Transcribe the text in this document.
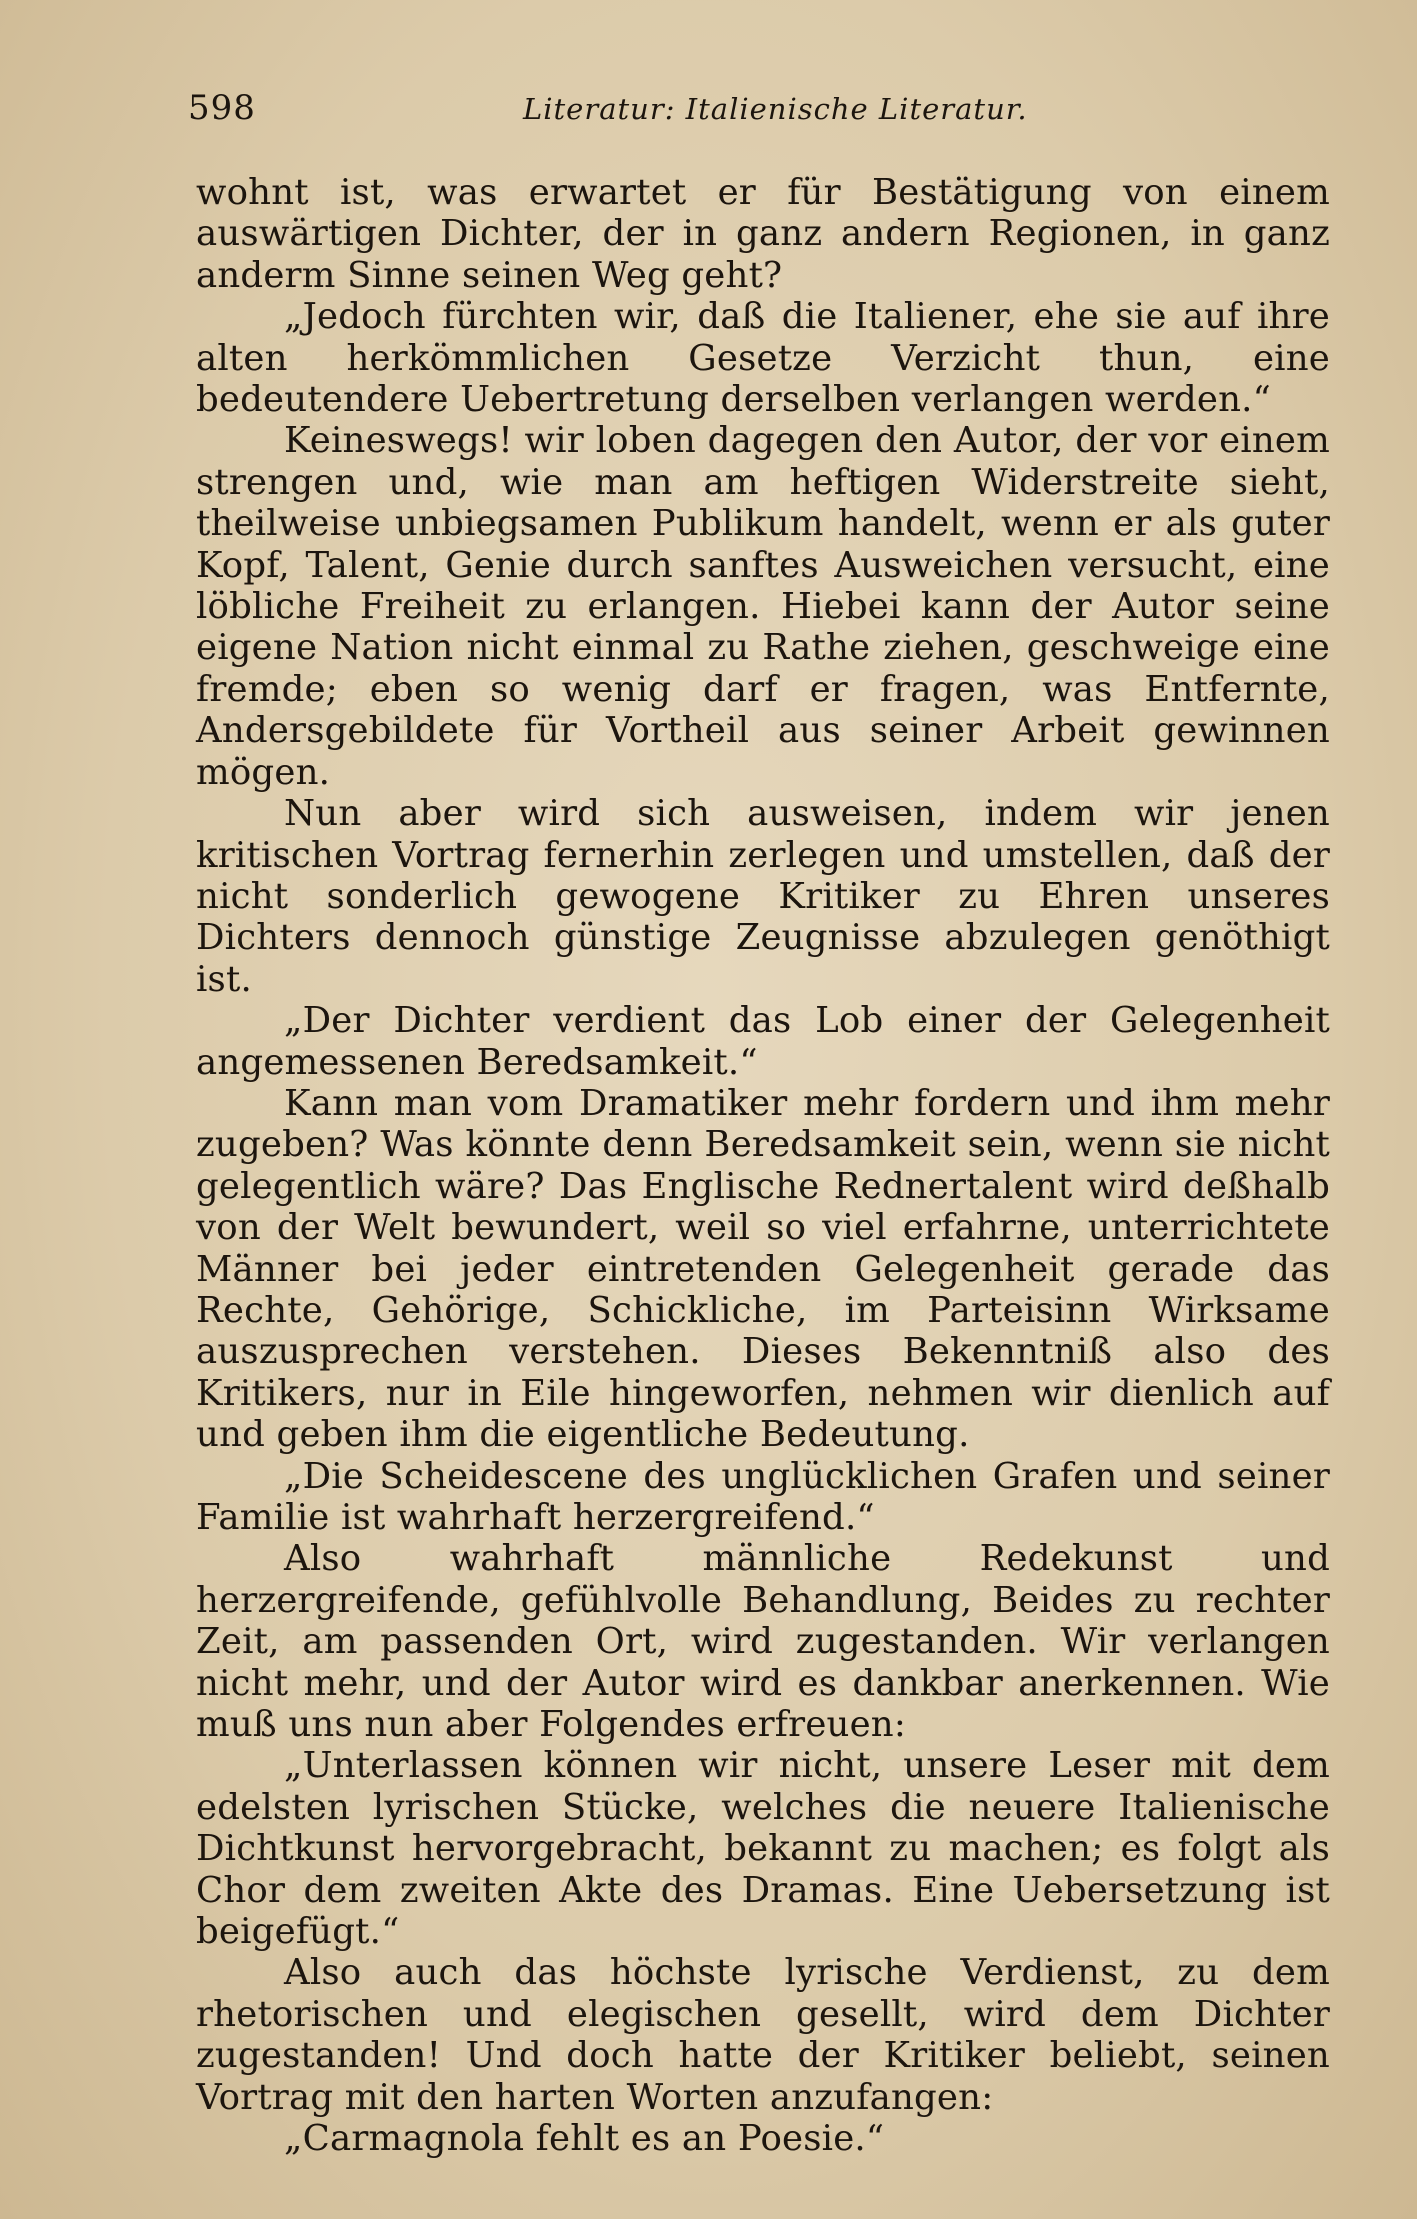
598	Literatur: Italienische Literatur.

wohnt ist, was erwartet er für Bestätigung von einem auswärtigen Dichter, der in ganz andern Regionen, in ganz anderm Sinne seinen Weg geht?

„Jedoch fürchten wir, daß die Italiener, ehe sie auf ihre alten herkömmlichen Gesetze Verzicht thun, eine bedeutendere Uebertretung derselben verlangen werden.“

Keineswegs! wir loben dagegen den Autor, der vor einem strengen und, wie man am heftigen Widerstreite sieht, theilweise unbiegsamen Publikum handelt, wenn er als guter Kopf, Talent, Genie durch sanftes Ausweichen versucht, eine löbliche Freiheit zu erlangen. Hiebei kann der Autor seine eigene Nation nicht einmal zu Rathe ziehen, geschweige eine fremde; eben so wenig darf er fragen, was Entfernte, Andersgebildete für Vortheil aus seiner Arbeit gewinnen mögen.

Nun aber wird sich ausweisen, indem wir jenen kritischen Vortrag fernerhin zerlegen und umstellen, daß der nicht sonderlich gewogene Kritiker zu Ehren unseres Dichters dennoch günstige Zeugnisse abzulegen genöthigt ist.

„Der Dichter verdient das Lob einer der Gelegenheit angemessenen Beredsamkeit.“

Kann man vom Dramatiker mehr fordern und ihm mehr zugeben? Was könnte denn Beredsamkeit sein, wenn sie nicht gelegentlich wäre? Das Englische Rednertalent wird deßhalb von der Welt bewundert, weil so viel erfahrne, unterrichtete Männer bei jeder eintretenden Gelegenheit gerade das Rechte, Gehörige, Schickliche, im Parteisinn Wirksame auszusprechen verstehen. Dieses Bekenntniß also des Kritikers, nur in Eile hingeworfen, nehmen wir dienlich auf und geben ihm die eigentliche Bedeutung.

„Die Scheidescene des unglücklichen Grafen und seiner Familie ist wahrhaft herzergreifend.“

Also wahrhaft männliche Redekunst und herzergreifende, gefühlvolle Behandlung, Beides zu rechter Zeit, am passenden Ort, wird zugestanden. Wir verlangen nicht mehr, und der Autor wird es dankbar anerkennen. Wie muß uns nun aber Folgendes erfreuen:

„Unterlassen können wir nicht, unsere Leser mit dem edelsten lyrischen Stücke, welches die neuere Italienische Dichtkunst hervorgebracht, bekannt zu machen; es folgt als Chor dem zweiten Akte des Dramas. Eine Uebersetzung ist beigefügt.“

Also auch das höchste lyrische Verdienst, zu dem rhetorischen und elegischen gesellt, wird dem Dichter zugestanden! Und doch hatte der Kritiker beliebt, seinen Vortrag mit den harten Worten anzufangen:

„Carmagnola fehlt es an Poesie.“
